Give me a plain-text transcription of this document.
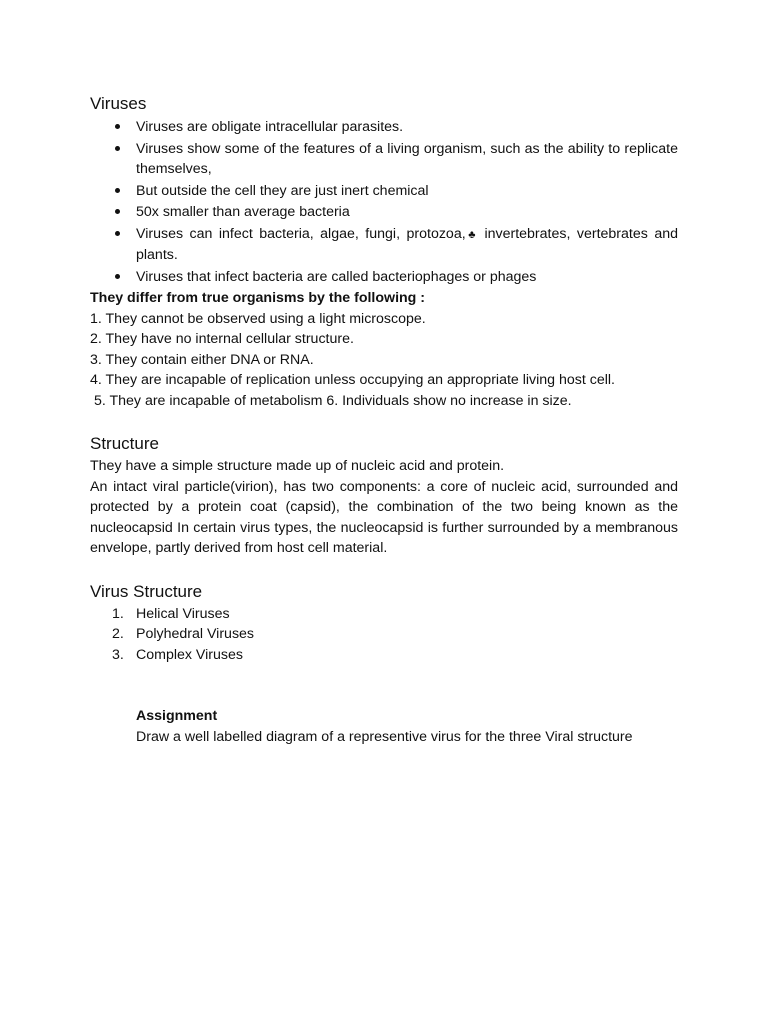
Viruses
Viruses are obligate intracellular parasites.
Viruses show some of the features of a living organism, such as the ability to replicate themselves,
But outside the cell they are just inert chemical
50x smaller than average bacteria
Viruses can infect bacteria, algae, fungi, protozoa,♣ invertebrates, vertebrates and plants.
Viruses that infect bacteria are called bacteriophages or phages

They differ from true organisms by the following :

1. They cannot be observed using a light microscope.

2. They have no internal cellular structure.

3. They contain either DNA or RNA.

4. They are incapable of replication unless occupying an appropriate living host cell.

5. They are incapable of metabolism 6. Individuals show no increase in size.

Structure

They have a simple structure made up of nucleic acid and protein.

An intact viral particle(virion), has two components: a core of nucleic acid, surrounded and protected by a protein coat (capsid), the combination of the two being known as the nucleocapsid In certain virus types, the nucleocapsid is further surrounded by a membranous envelope, partly derived from host cell material.

Virus Structure
1. Helical Viruses
2. Polyhedral Viruses
3. Complex Viruses

Assignment

Draw a well labelled diagram of a representive virus for the three Viral structure
